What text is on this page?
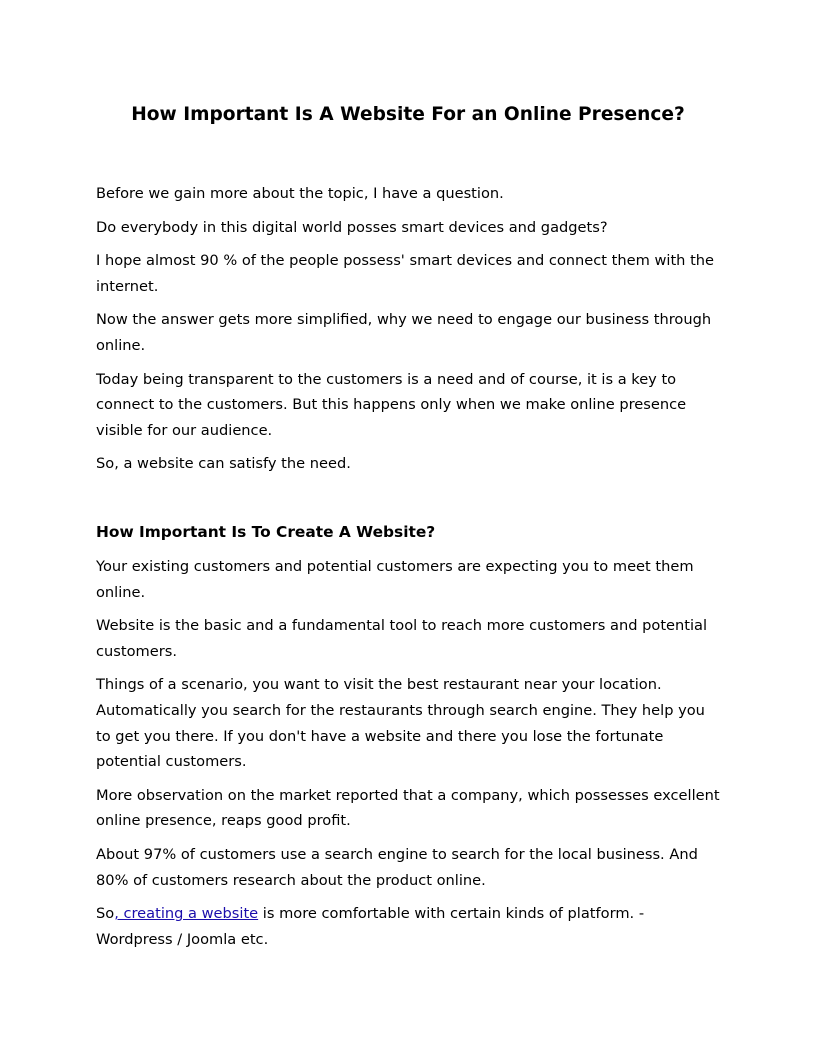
How Important Is A Website For an Online Presence?

Before we gain more about the topic, I have a question.

Do everybody in this digital world posses smart devices and gadgets?

I hope almost 90 % of the people possess' smart devices and connect them with the internet.

Now the answer gets more simplified, why we need to engage our business through online.

Today being transparent to the customers is a need and of course, it is a key to connect to the customers. But this happens only when we make online presence visible for our audience.

So, a website can satisfy the need.

How Important Is To Create A Website?

Your existing customers and potential customers are expecting you to meet them online.

Website is the basic and a fundamental tool to reach more customers and potential customers.

Things of a scenario, you want to visit the best restaurant near your location. Automatically you search for the restaurants through search engine. They help you to get you there. If you don't have a website and there you lose the fortunate potential customers.

More observation on the market reported that a company, which possesses excellent online presence, reaps good profit.

About 97% of customers use a search engine to search for the local business. And 80% of customers research about the product online.

So, creating a website is more comfortable with certain kinds of platform. - Wordpress / Joomla etc.
